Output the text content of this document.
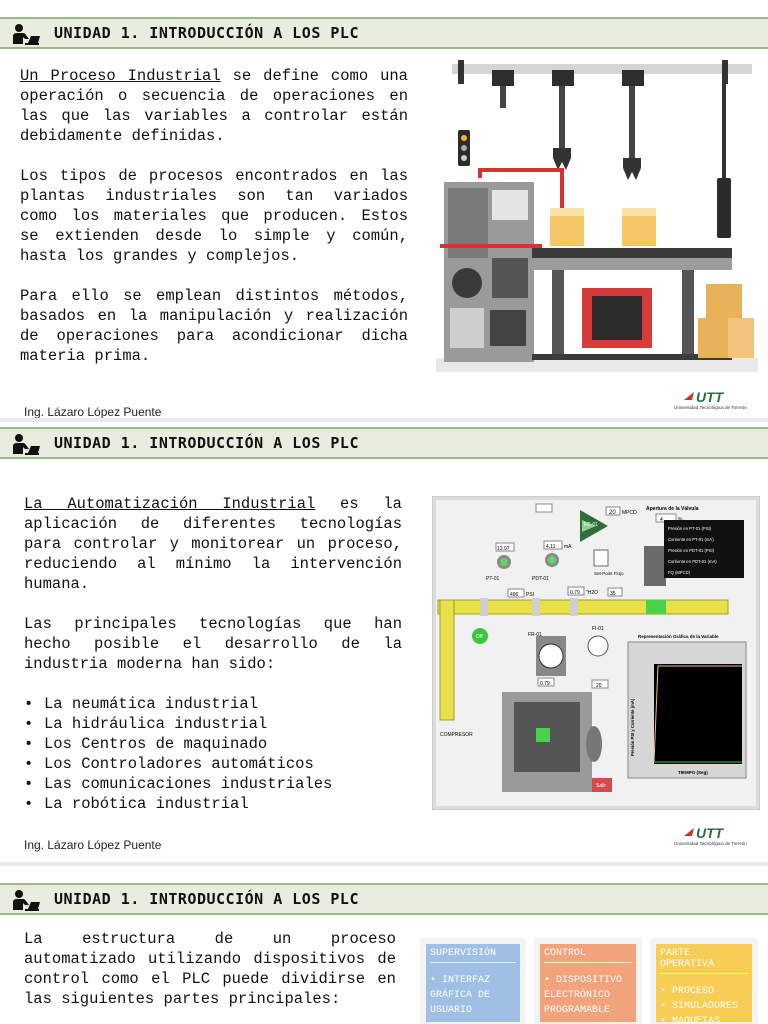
UNIDAD 1. INTRODUCCIÓN A LOS PLC

Un Proceso Industrial se define como una operación o secuencia de operaciones en las que las variables a controlar están debidamente definidas.

Los tipos de procesos encontrados en las plantas industriales son tan variados como los materiales que producen. Estos se extienden desde lo simple y común, hasta los grandes y complejos.

Para ello se emplean distintos métodos, basados en la manipulación y realización de operaciones para acondicionar dicha materia prima.

Ing. Lázaro López Puente
UTT
Universidad Tecnológica de Torreón
UNIDAD 1. INTRODUCCIÓN A LOS PLC

La Automatización Industrial es la aplicación de diferentes tecnologías para controlar y monitorear un proceso, reduciendo al mínimo la intervención humana.

Las principales tecnologías que han hecho posible el desarrollo de la industria moderna han sido:

• La neumática industrial
• La hidráulica industrial
• Los Centros de maquinado
• Los Controladores automáticos
• Las comunicaciones industriales
• La robótica industrial
FC-01
20 MPCD
Apertura de la Válvula
4
13.97	4.11 mA
Set-Point Flujo
35
PT-01	PDT-01
496 PSI	0.79 "H2O
Presión en PT-01 (PSI)
Corriente en PT-01 (mA)
Presión en PDT-01 (PSI)
Corriente en PDT-01 (mA)
FQ (MPCD)
Off
COMPRESOR
FR-01
0.79
FI-01
20
Representación Gráfica de la Variable
TIEMPO (Seg)
Presión PSI y Corriente (mA)
Salir
Ing. Lázaro López Puente
UTT
Universidad Tecnológica de Torreón
UNIDAD 1. INTRODUCCIÓN A LOS PLC

La estructura de un proceso automatizado utilizando dispositivos de control como el PLC puede dividirse en las siguientes partes principales:

SUPERVISIÓN
• INTERFAZ GRÁFICA DE USUARIO
CONTROL
• DISPOSITIVO ELECTRÓNICO PROGRAMABLE
PARTE OPERATIVA
• PROCESO
• SIMULADORES
• MAQUETAS
